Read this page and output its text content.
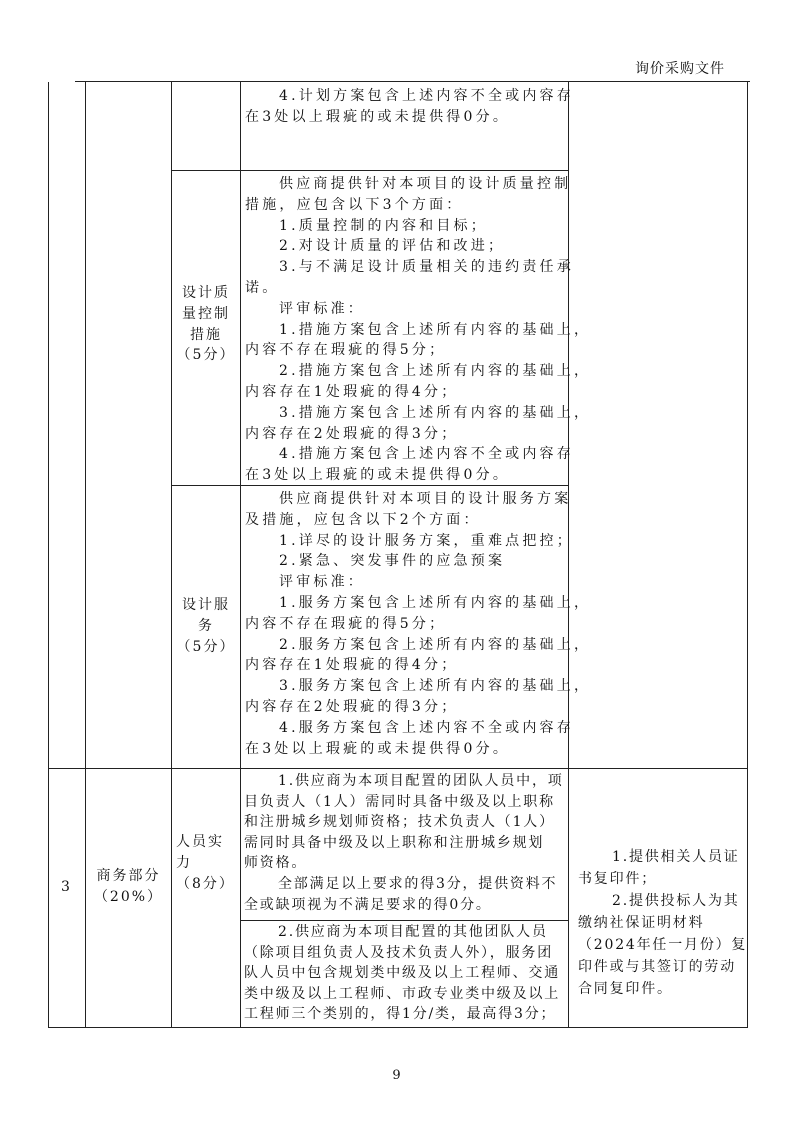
询价采购文件
4.计划方案包含上述内容不全或内容存
在3处以上瑕疵的或未提供得0分。
设计质
量控制
措施
（5分）
供应商提供针对本项目的设计质量控制
措施，应包含以下3个方面：
1.质量控制的内容和目标；
2.对设计质量的评估和改进；
3.与不满足设计质量相关的违约责任承
诺。
评审标准：
1.措施方案包含上述所有内容的基础上，
内容不存在瑕疵的得5分；
2.措施方案包含上述所有内容的基础上，
内容存在1处瑕疵的得4分；
3.措施方案包含上述所有内容的基础上，
内容存在2处瑕疵的得3分；
4.措施方案包含上述内容不全或内容存
在3处以上瑕疵的或未提供得0分。
设计服
务
（5分）
供应商提供针对本项目的设计服务方案
及措施，应包含以下2个方面：
1.详尽的设计服务方案，重难点把控；
2.紧急、突发事件的应急预案
评审标准：
1.服务方案包含上述所有内容的基础上，
内容不存在瑕疵的得5分；
2.服务方案包含上述所有内容的基础上，
内容存在1处瑕疵的得4分；
3.服务方案包含上述所有内容的基础上，
内容存在2处瑕疵的得3分；
4.服务方案包含上述内容不全或内容存
在3处以上瑕疵的或未提供得0分。
3
商务部分
（20%）
人员实
力
（8分）
1.供应商为本项目配置的团队人员中，项
目负责人（1人）需同时具备中级及以上职称
和注册城乡规划师资格；技术负责人（1人）
需同时具备中级及以上职称和注册城乡规划
师资格。
全部满足以上要求的得3分，提供资料不
全或缺项视为不满足要求的得0分。
2.供应商为本项目配置的其他团队人员
（除项目组负责人及技术负责人外），服务团
队人员中包含规划类中级及以上工程师、交通
类中级及以上工程师、市政专业类中级及以上
工程师三个类别的，得1分/类，最高得3分；
1.提供相关人员证
书复印件；
2.提供投标人为其
缴纳社保证明材料
（2024年任一月份）复
印件或与其签订的劳动
合同复印件。
9
